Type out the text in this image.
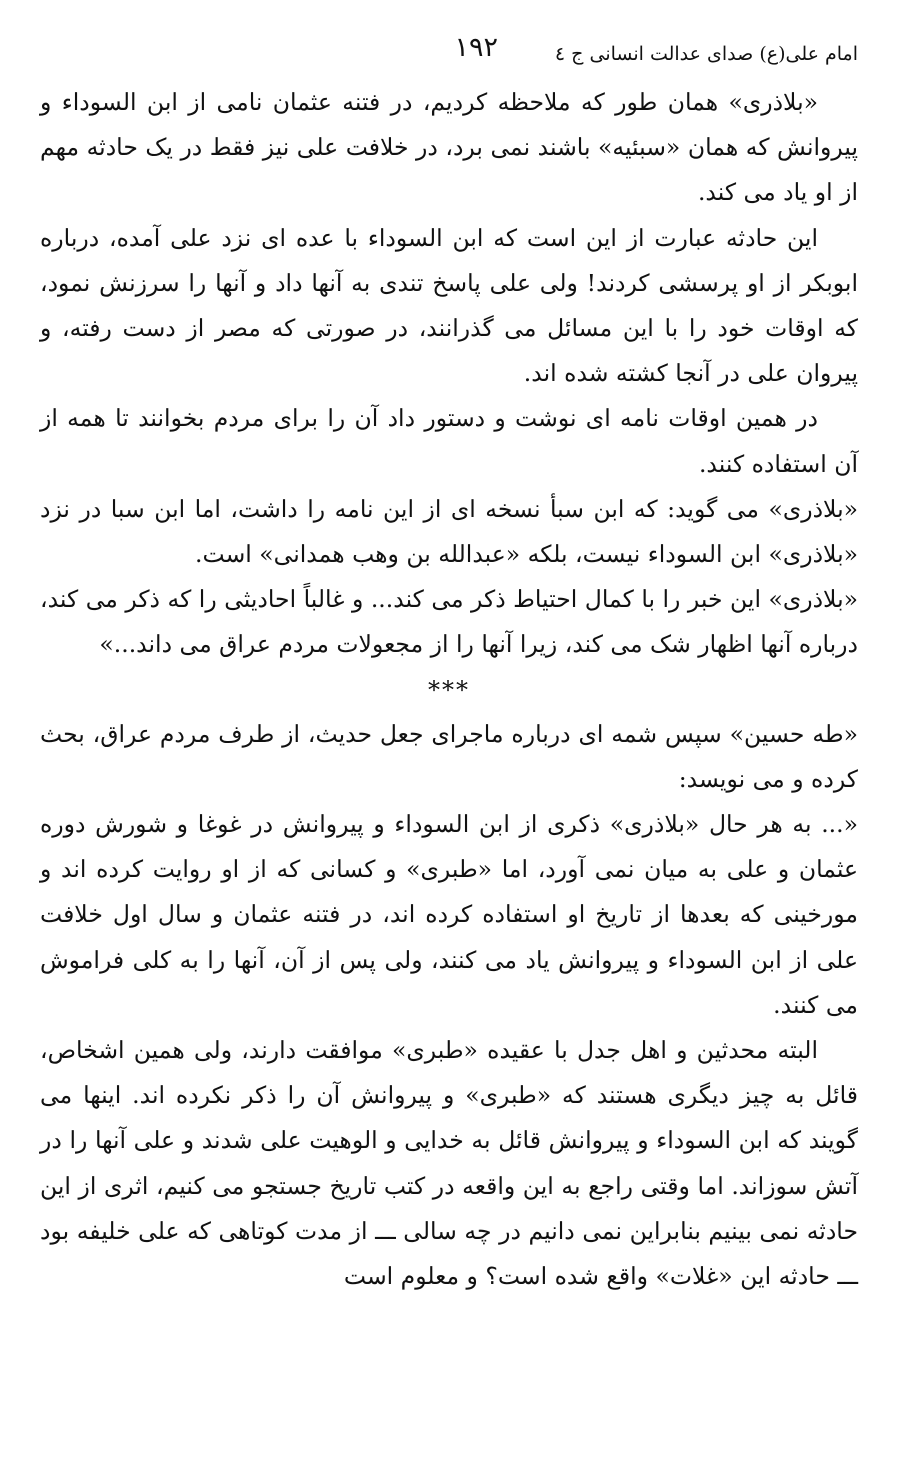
امام علی(ع) صدای عدالت انسانی ج ٤
١٩٢

«بلاذری» همان طور که ملاحظه کردیم، در فتنه عثمان نامی از ابن السوداء و پیروانش که همان «سبئیه» باشند نمی برد، در خلافت علی نیز فقط در یک حادثه مهم از او یاد می کند.

این حادثه عبارت از این است که ابن السوداء با عده ای نزد علی آمده، درباره ابوبکر از او پرسشی کردند! ولی علی پاسخ تندی به آنها داد و آنها را سرزنش نمود، که اوقات خود را با این مسائل می گذرانند، در صورتی که مصر از دست رفته، و پیروان علی در آنجا کشته شده اند.

در همین اوقات نامه ای نوشت و دستور داد آن را برای مردم بخوانند تا همه از آن استفاده کنند.

«بلاذری» می گوید: که ابن سبأ نسخه ای از این نامه را داشت، اما ابن سبا در نزد «بلاذری» ابن السوداء نیست، بلکه «عبدالله بن وهب همدانی» است.

«بلاذری» این خبر را با کمال احتیاط ذکر می کند... و غالباً احادیثی را که ذکر می کند، درباره آنها اظهار شک می کند، زیرا آنها را از مجعولات مردم عراق می داند...»

***

«طه حسین» سپس شمه ای درباره ماجرای جعل حدیث، از طرف مردم عراق، بحث کرده و می نویسد:

«... به هر حال «بلاذری» ذکری از ابن السوداء و پیروانش در غوغا و شورش دوره عثمان و علی به میان نمی آورد، اما «طبری» و کسانی که از او روایت کرده اند و مورخینی که بعدها از تاریخ او استفاده کرده اند، در فتنه عثمان و سال اول خلافت علی از ابن السوداء و پیروانش یاد می کنند، ولی پس از آن، آنها را به کلی فراموش می کنند.

البته محدثین و اهل جدل با عقیده «طبری» موافقت دارند، ولی همین اشخاص، قائل به چیز دیگری هستند که «طبری» و پیروانش آن را ذکر نکرده اند. اینها می گویند که ابن السوداء و پیروانش قائل به خدایی و الوهیت علی شدند و علی آنها را در آتش سوزاند. اما وقتی راجع به این واقعه در کتب تاریخ جستجو می کنیم، اثری از این حادثه نمی بینیم بنابراین نمی دانیم در چه سالی ـــ از مدت کوتاهی که علی خلیفه بود ـــ حادثه این «غلات» واقع شده است؟ و معلوم است
